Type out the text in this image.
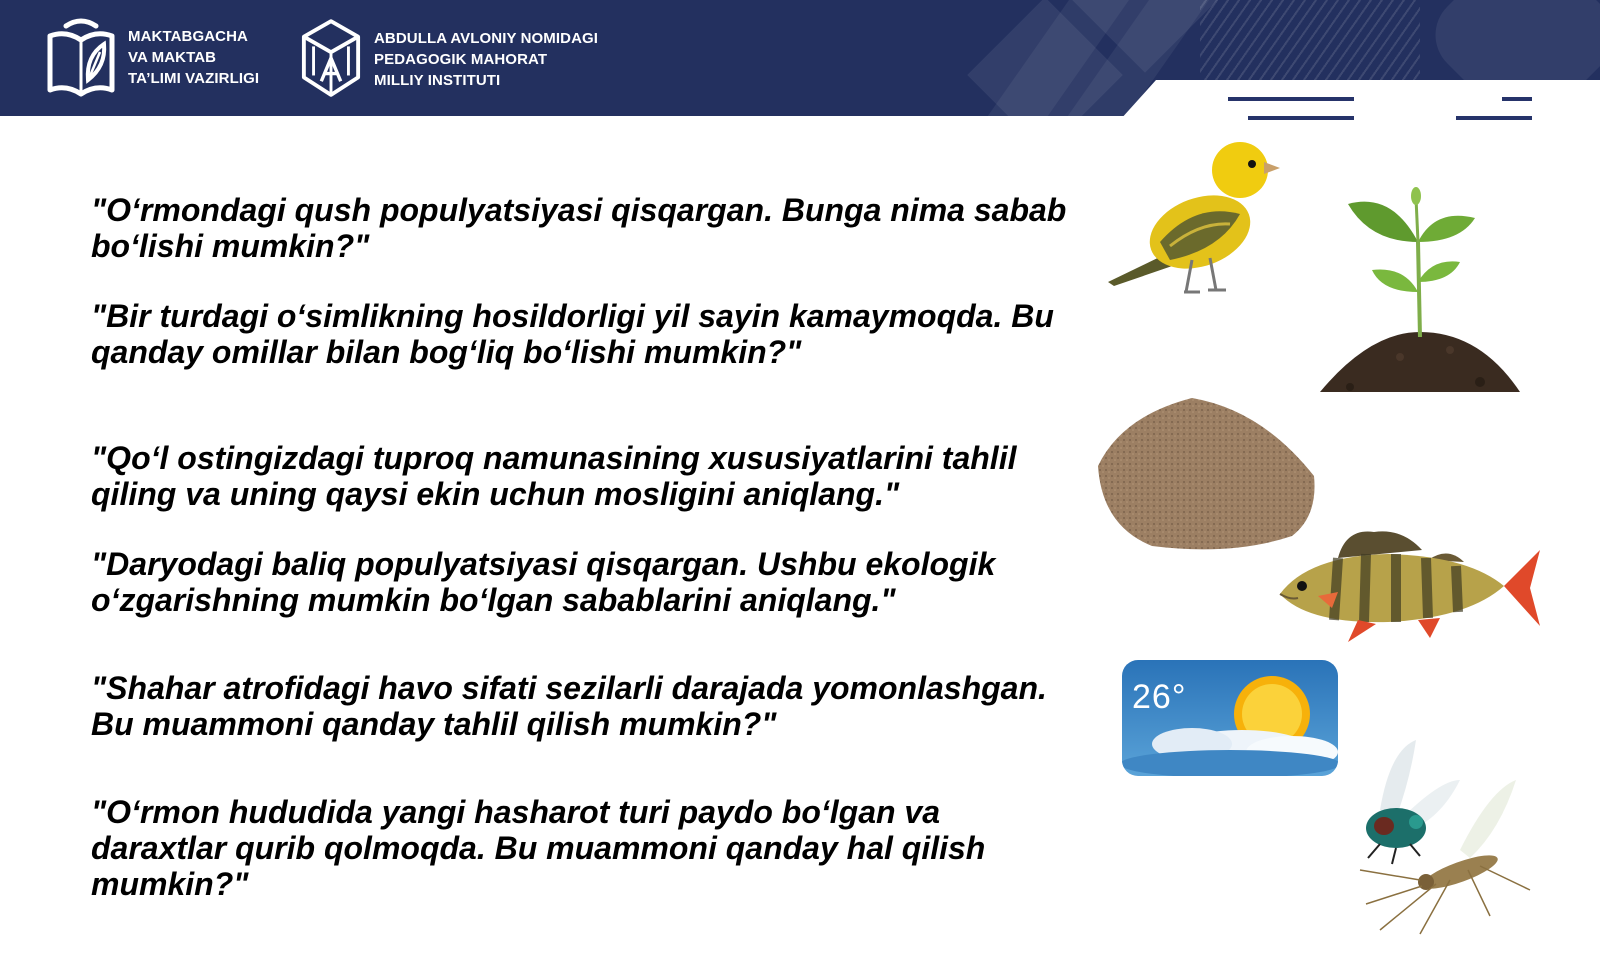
MAKTABGACHA
VA MAKTAB
TA’LIMI VAZIRLIGI
ABDULLA AVLONIY NOMIDAGI
PEDAGOGIK MAHORAT
MILLIY INSTITUTI

"O‘rmondagi qush populyatsiyasi qisqargan. Bunga nima sabab bo‘lishi mumkin?"

"Bir turdagi o‘simlikning hosildorligi yil sayin kamaymoqda. Bu qanday omillar bilan bog‘liq bo‘lishi mumkin?"

"Qo‘l ostingizdagi tuproq namunasining xususiyatlarini tahlil qiling va uning qaysi ekin uchun mosligini aniqlang."

"Daryodagi baliq populyatsiyasi qisqargan. Ushbu ekologik o‘zgarishning mumkin bo‘lgan sabablarini aniqlang."

"Shahar atrofidagi havo sifati sezilarli darajada yomonlashgan. Bu muammoni qanday tahlil qilish mumkin?"

"O‘rmon hududida yangi hasharot turi paydo bo‘lgan va daraxtlar qurib qolmoqda. Bu muammoni qanday hal qilish mumkin?"

26°
